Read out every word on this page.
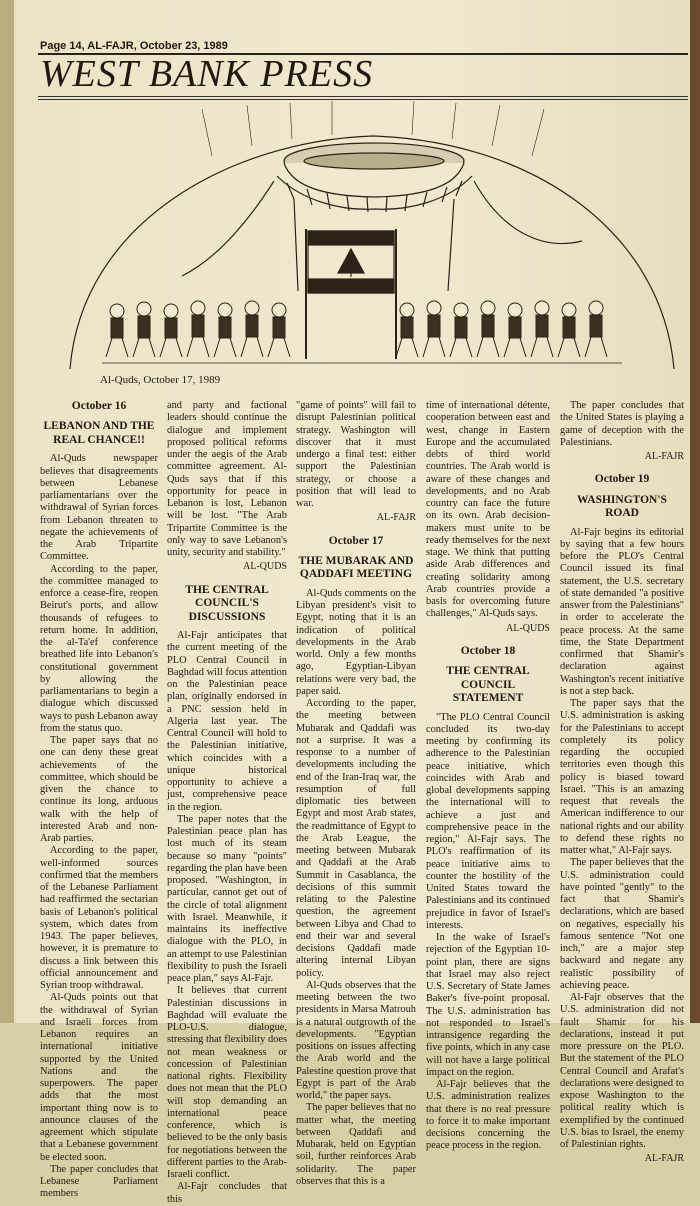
Page 14, AL-FAJR, October 23, 1989
WEST BANK PRESS
Al-Quds, October 17, 1989
October 16
LEBANON AND THE REAL CHANCE!!

Al-Quds newspaper believes that disagreements between Lebanese parliamentarians over the withdrawal of Syrian forces from Lebanon threaten to negate the achievements of the Arab Tripartite Committee.

According to the paper, the committee managed to enforce a cease-fire, reopen Beirut's ports, and allow thousands of refugees to return home. In addition, the al-Ta'ef conference breathed life into Lebanon's constitutional government by allowing the parliamentarians to begin a dialogue which discussed ways to push Lebanon away from the status quo.

The paper says that no one can deny these great achievements of the committee, which should be given the chance to continue its long, arduous walk with the help of interested Arab and non-Arab parties.

According to the paper, well-informed sources confirmed that the members of the Lebanese Parliament had reaffirmed the sectarian basis of Lebanon's political system, which dates from 1943. The paper believes, however, it is premature to discuss a link between this official announcement and Syrian troop withdrawal.

Al-Quds points out that the withdrawal of Syrian and Israeli forces from Lebanon requires an international initiative supported by the United Nations and the superpowers. The paper adds that the most important thing now is to announce clauses of the agreement which stipulate that a Lebanese government be elected soon.

The paper concludes that Lebanese Parliament members

and party and factional leaders should continue the dialogue and implement proposed political reforms under the aegis of the Arab committee agreement. Al-Quds says that if this opportunity for peace in Lebanon is lost, Lebanon will be lost. "The Arab Tripartite Committee is the only way to save Lebanon's unity, security and stability."

AL-QUDS
THE CENTRAL COUNCIL'S DISCUSSIONS

Al-Fajr anticipates that the current meeting of the PLO Central Council in Baghdad will focus attention on the Palestinian peace plan, originally endorsed in a PNC session held in Algeria last year. The Central Council will hold to the Palestinian initiative, which coincides with a unique historical opportunity to achieve a just, comprehensive peace in the region.

The paper notes that the Palestinian peace plan has lost much of its steam because so many "points" regarding the plan have been proposed. "Washington, in particular, cannot get out of the circle of total alignment with Israel. Meanwhile, it maintains its ineffective dialogue with the PLO, in an attempt to use Palestinian flexibility to push the Israeli peace plan," says Al-Fajr.

It believes that current Palestinian discussions in Baghdad will evaluate the PLO-U.S. dialogue, stressing that flexibility does not mean weakness or concession of Palestinian national rights. Flexibility does not mean that the PLO will stop demanding an international peace conference, which is believed to be the only basis for negotiations between the different parties to the Arab-Israeli conflict.

Al-Fajr concludes that this

"game of points" will fail to disrupt Palestinian political strategy. Washington will discover that it must undergo a final test: either support the Palestinian strategy, or choose a position that will lead to war.

AL-FAJR
October 17
THE MUBARAK AND QADDAFI MEETING

Al-Quds comments on the Libyan president's visit to Egypt, noting that it is an indication of political developments in the Arab world. Only a few months ago, Egyptian-Libyan relations were very bad, the paper said.

According to the paper, the meeting between Mubarak and Qaddafi was not a surprise. It was a response to a number of developments including the end of the Iran-Iraq war, the resumption of full diplomatic ties between Egypt and most Arab states, the readmittance of Egypt to the Arab League, the meeting between Mubarak and Qaddafi at the Arab Summit in Casablanca, the decisions of this summit relating to the Palestine question, the agreement between Libya and Chad to end their war and several decisions Qaddafi made altering internal Libyan policy.

Al-Quds observes that the meeting between the two presidents in Marsa Matrouh is a natural outgrowth of the developments. "Egyptian positions on issues affecting the Arab world and the Palestine question prove that Egypt is part of the Arab world," the paper says.

The paper believes that no matter what, the meeting between Qaddafi and Mubarak, held on Egyptian soil, further reinforces Arab solidarity. The paper observes that this is a

time of international détente, cooperation between east and west, change in Eastern Europe and the accumulated debts of third world countries. The Arab world is aware of these changes and developments, and no Arab country can face the future on its own. Arab decision-makers must unite to be ready themselves for the next stage. We think that putting aside Arab differences and creating solidarity among Arab countries provide a basis for overcoming future challenges," Al-Quds says.

AL-QUDS
October 18
THE CENTRAL COUNCIL STATEMENT

"The PLO Central Council concluded its two-day meeting by confirming its adherence to the Palestinian peace initiative, which coincides with Arab and global developments sapping the international will to achieve a just and comprehensive peace in the region," Al-Fajr says. The PLO's reaffirmation of its peace initiative aims to counter the hostility of the United States toward the Palestinians and its continued prejudice in favor of Israel's interests.

In the wake of Israel's rejection of the Egyptian 10-point plan, there are signs that Israel may also reject U.S. Secretary of State James Baker's five-point proposal. The U.S. administration has not responded to Israel's intransigence regarding the five points, which in any case will not have a large political impact on the region.

Al-Fajr believes that the U.S. administration realizes that there is no real pressure to force it to make important decisions concerning the peace process in the region.

The paper concludes that the United States is playing a game of deception with the Palestinians.

AL-FAJR
October 19
WASHINGTON'S ROAD

Al-Fajr begins its editorial by saying that a few hours before the PLO's Central Council issued its final statement, the U.S. secretary of state demanded "a positive answer from the Palestinians" in order to accelerate the peace process. At the same time, the State Department confirmed that Shamir's declaration against Washington's recent initiative is not a step back.

The paper says that the U.S. administration is asking for the Palestinians to accept completely its policy regarding the occupied territories even though this policy is biased toward Israel. "This is an amazing request that reveals the American indifference to our national rights and our ability to defend these rights no matter what," Al-Fajr says.

The paper believes that the U.S. administration could have pointed "gently" to the fact that Shamir's declarations, which are based on negatives, especially his famous sentence "Not one inch," are a major step backward and negate any realistic possibility of achieving peace.

Al-Fajr observes that the U.S. administration did not fault Shamir for his declarations, instead it put more pressure on the PLO. But the statement of the PLO Central Council and Arafat's declarations were designed to expose Washington to the political reality which is exemplified by the continued U.S. bias to Israel, the enemy of Palestinian rights.

AL-FAJR
